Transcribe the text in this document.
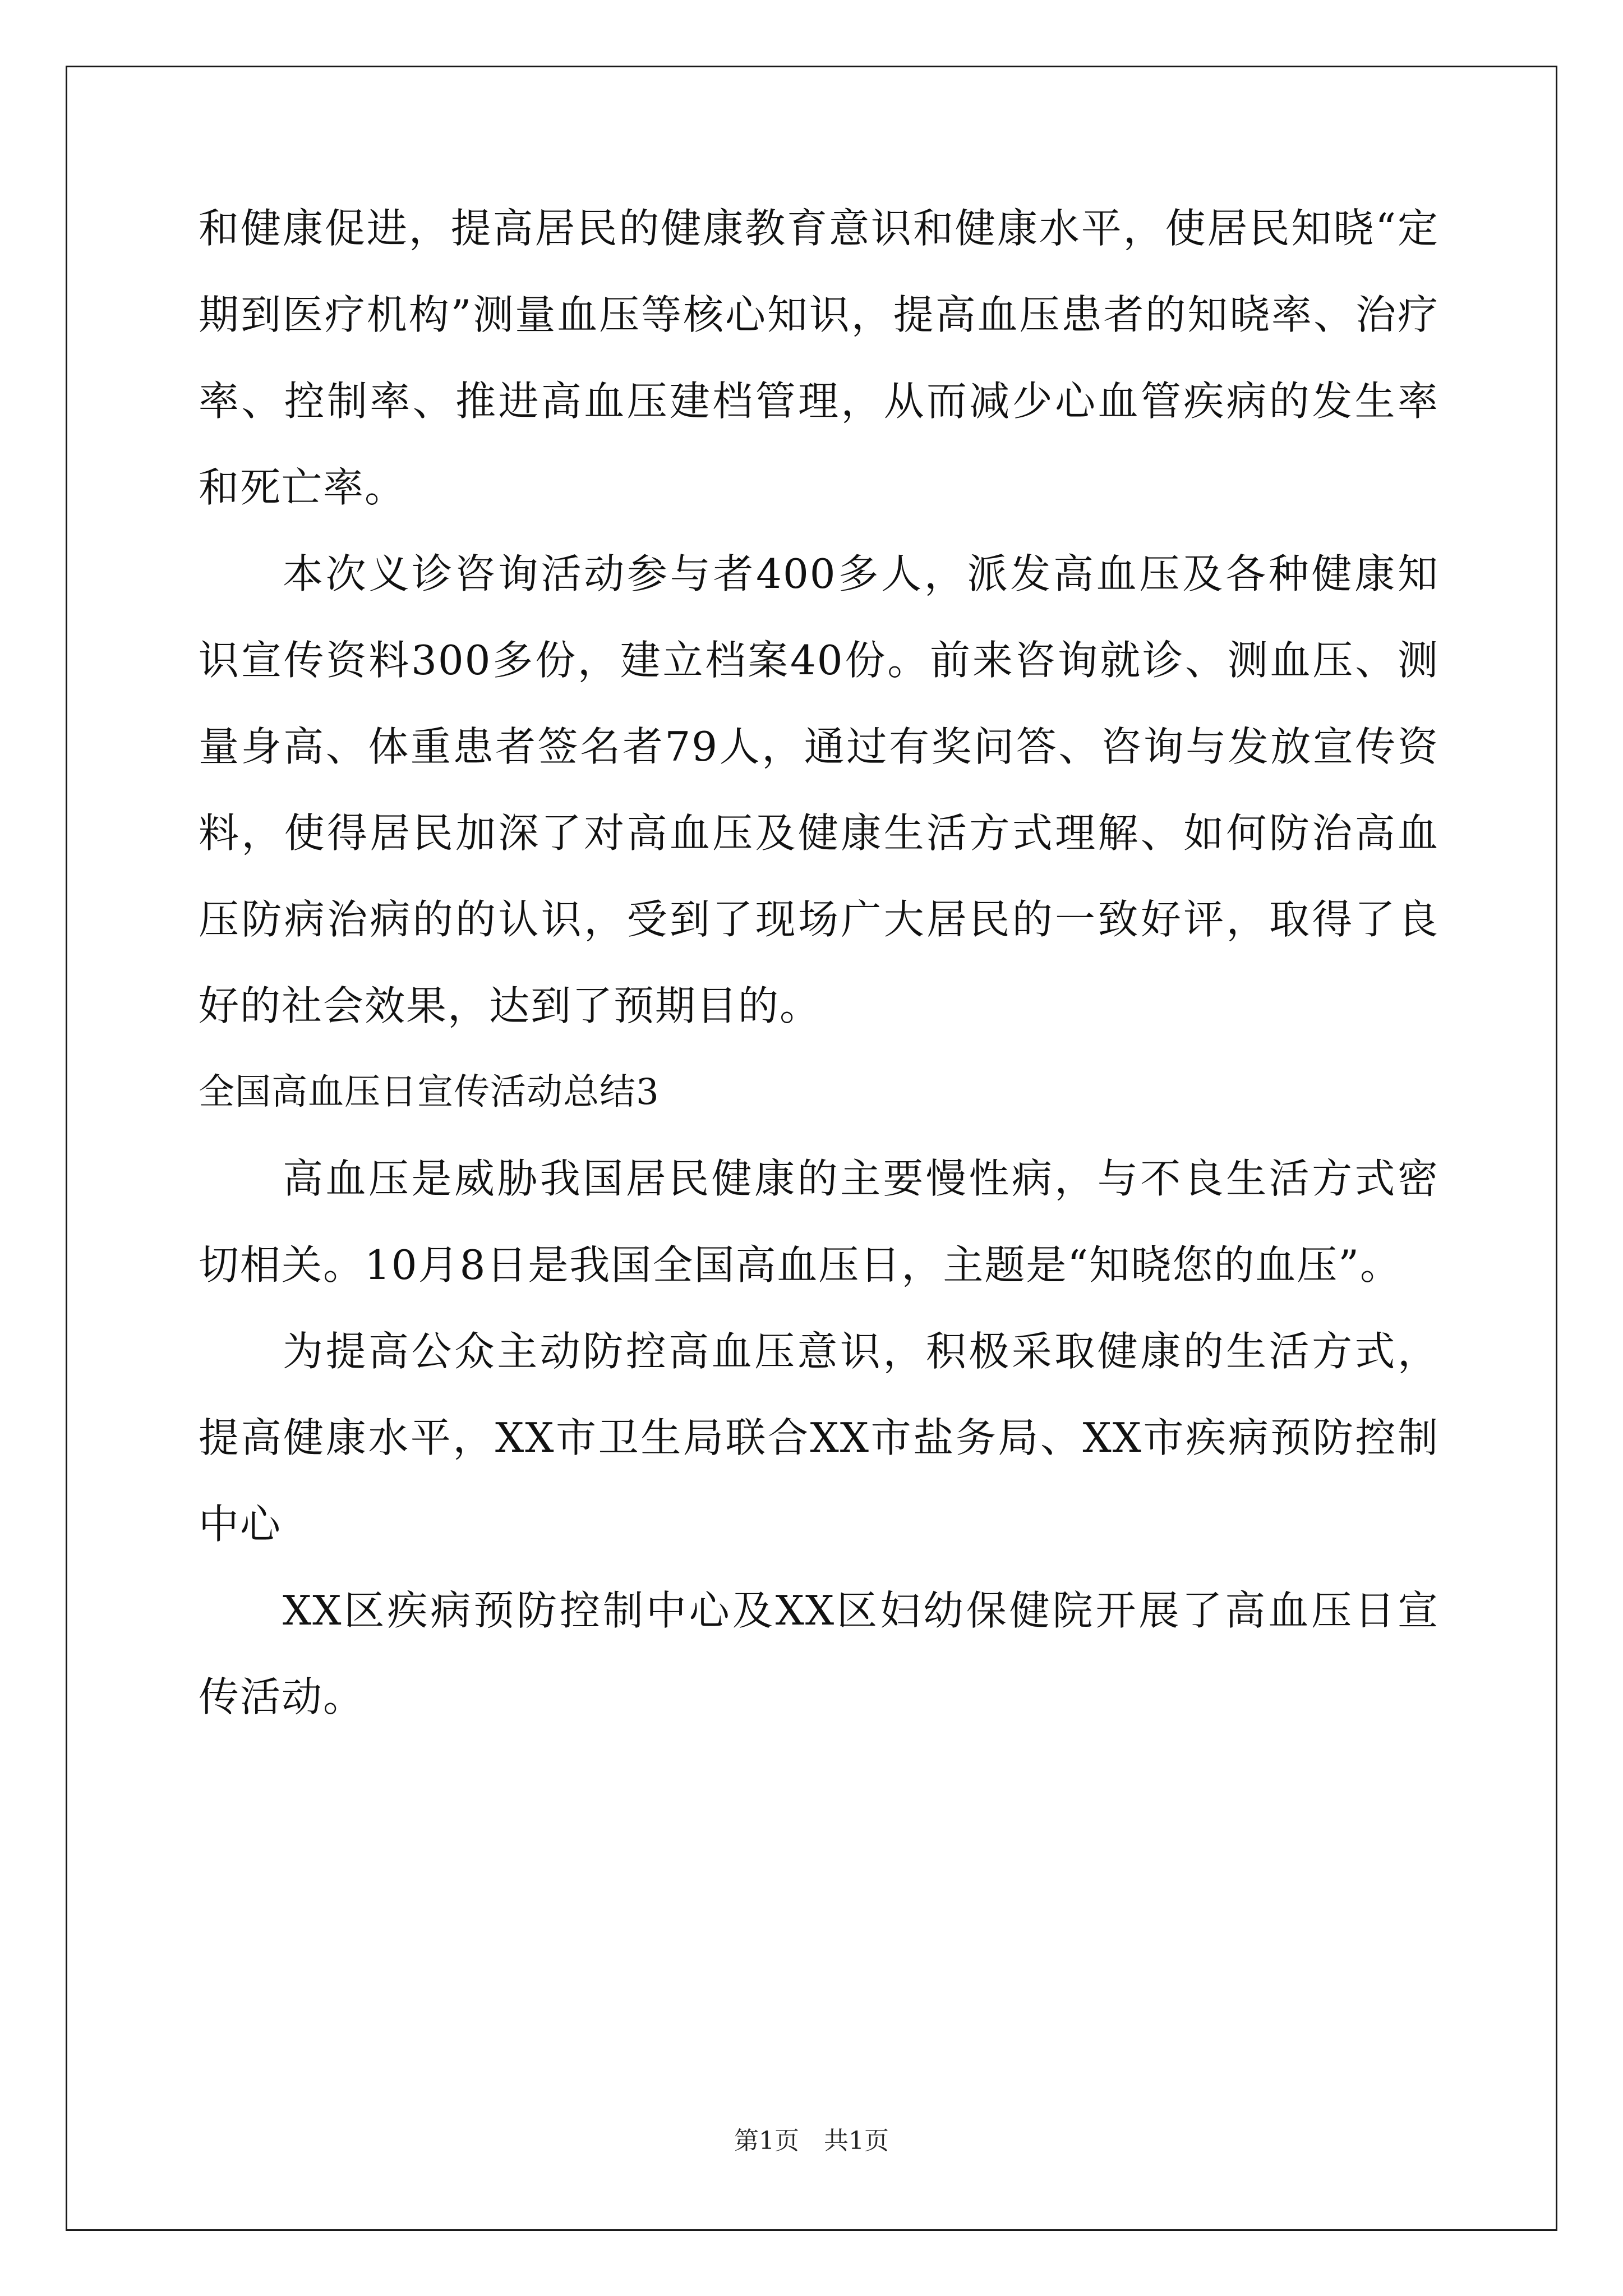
和健康促进，提高居民的健康教育意识和健康水平，使居民知晓“定期到医疗机构”测量血压等核心知识，提高血压患者的知晓率、治疗率、控制率、推进高血压建档管理，从而减少心血管疾病的发生率和死亡率。

本次义诊咨询活动参与者400多人，派发高血压及各种健康知识宣传资料300多份，建立档案40份。前来咨询就诊、测血压、测量身高、体重患者签名者79人，通过有奖问答、咨询与发放宣传资料，使得居民加深了对高血压及健康生活方式理解、如何防治高血压防病治病的的认识，受到了现场广大居民的一致好评，取得了良好的社会效果，达到了预期目的。

全国高血压日宣传活动总结3

高血压是威胁我国居民健康的主要慢性病，与不良生活方式密切相关。10月8日是我国全国高血压日，主题是“知晓您的血压”。

为提高公众主动防控高血压意识，积极采取健康的生活方式，提高健康水平，XX市卫生局联合XX市盐务局、XX市疾病预防控制中心

XX区疾病预防控制中心及XX区妇幼保健院开展了高血压日宣传活动。

第1页　共1页
